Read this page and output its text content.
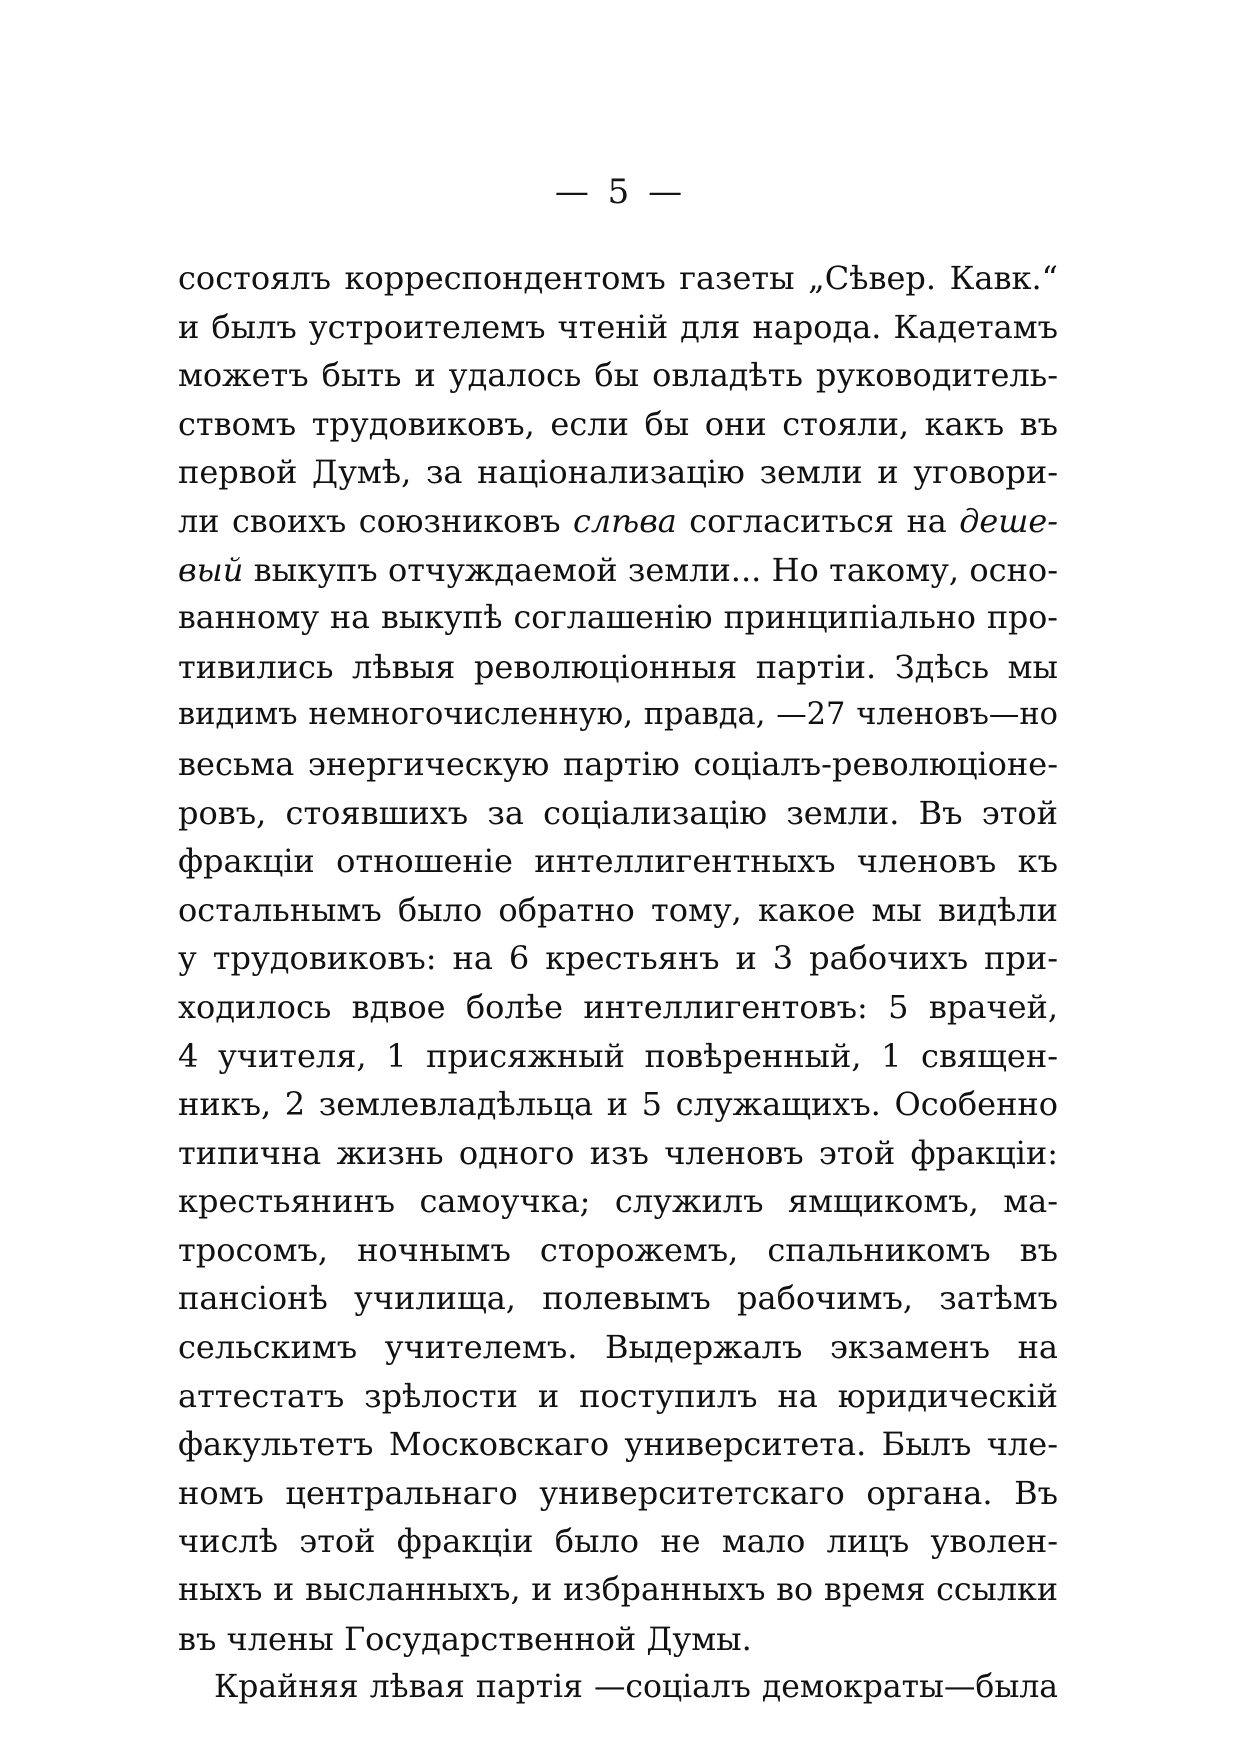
— 5 —
состоялъ корреспондентомъ газеты „Сѣвер. Кавк.“
и былъ устроителемъ чтеній для народа. Кадетамъ
можетъ быть и удалось бы овладѣть руководитель-
ствомъ трудовиковъ, если бы они стояли, какъ въ
первой Думѣ, за націонализацію земли и уговори-
ли своихъ союзниковъ слѣва согласиться на деше-
вый выкупъ отчуждаемой земли... Но такому, осно-
ванному на выкупѣ соглашенію принципіально про-
тивились лѣвыя революціонныя партіи. Здѣсь мы
видимъ немногочисленную, правда, —27 членовъ—но
весьма энергическую партію соціалъ-революціоне-
ровъ, стоявшихъ за соціализацію земли. Въ этой
фракціи отношеніе интеллигентныхъ членовъ къ
остальнымъ было обратно тому, какое мы видѣли
у трудовиковъ: на 6 крестьянъ и 3 рабочихъ при-
ходилось вдвое болѣе интеллигентовъ: 5 врачей,
4 учителя, 1 присяжный повѣренный, 1 священ-
никъ, 2 землевладѣльца и 5 служащихъ. Особенно
типична жизнь одного изъ членовъ этой фракціи:
крестьянинъ самоучка; служилъ ямщикомъ, ма-
тросомъ, ночнымъ сторожемъ, спальникомъ въ
пансіонѣ училища, полевымъ рабочимъ, затѣмъ
сельскимъ учителемъ. Выдержалъ экзаменъ на
аттестатъ зрѣлости и поступилъ на юридическій
факультетъ Московскаго университета. Былъ чле-
номъ центральнаго университетскаго органа. Въ
числѣ этой фракціи было не мало лицъ уволен-
ныхъ и высланныхъ, и избранныхъ во время ссылки
въ члены Государственной Думы.
Крайняя лѣвая партія —соціалъ демократы—была
